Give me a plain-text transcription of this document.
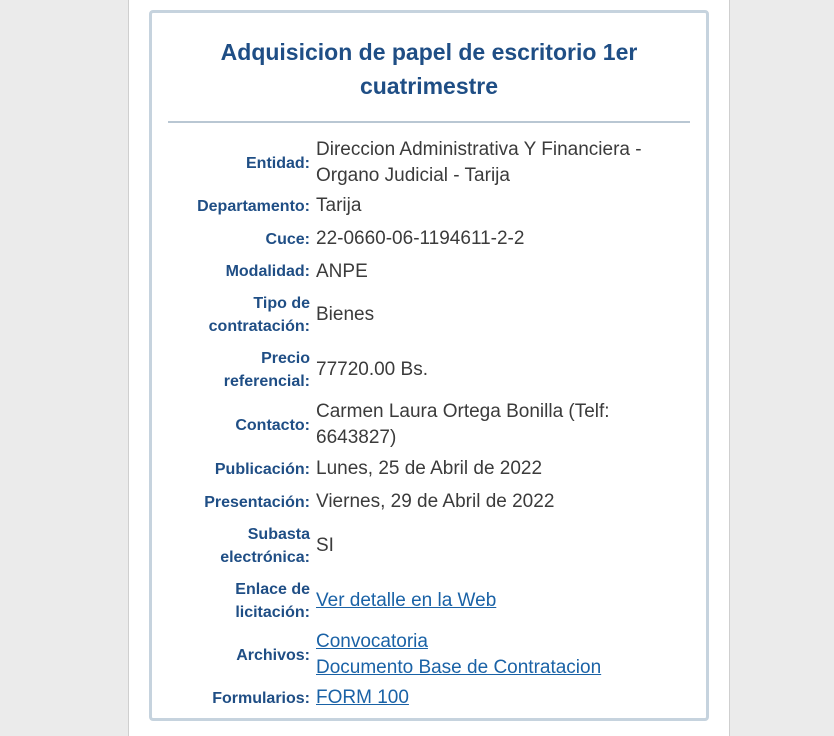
Adquisicion de papel de escritorio 1er cuatrimestre
Entidad:	Direccion Administrativa Y Financiera -
Organo Judicial - Tarija

Departamento:	Tarija
Cuce:	22-0660-06-1194611-2-2
Modalidad:	ANPE

Tipo de
contratación:	Bienes

Precio
referencial:	77720.00 Bs.
Contacto:	Carmen Laura Ortega Bonilla (Telf:
6643827)

Publicación:	Lunes, 25 de Abril de 2022
Presentación:	Viernes, 29 de Abril de 2022

Subasta
electrónica:	SI

Enlace de
licitación:	Ver detalle en la Web
Archivos:	Convocatoria
Documento Base de Contratacion
Formularios:	FORM 100
